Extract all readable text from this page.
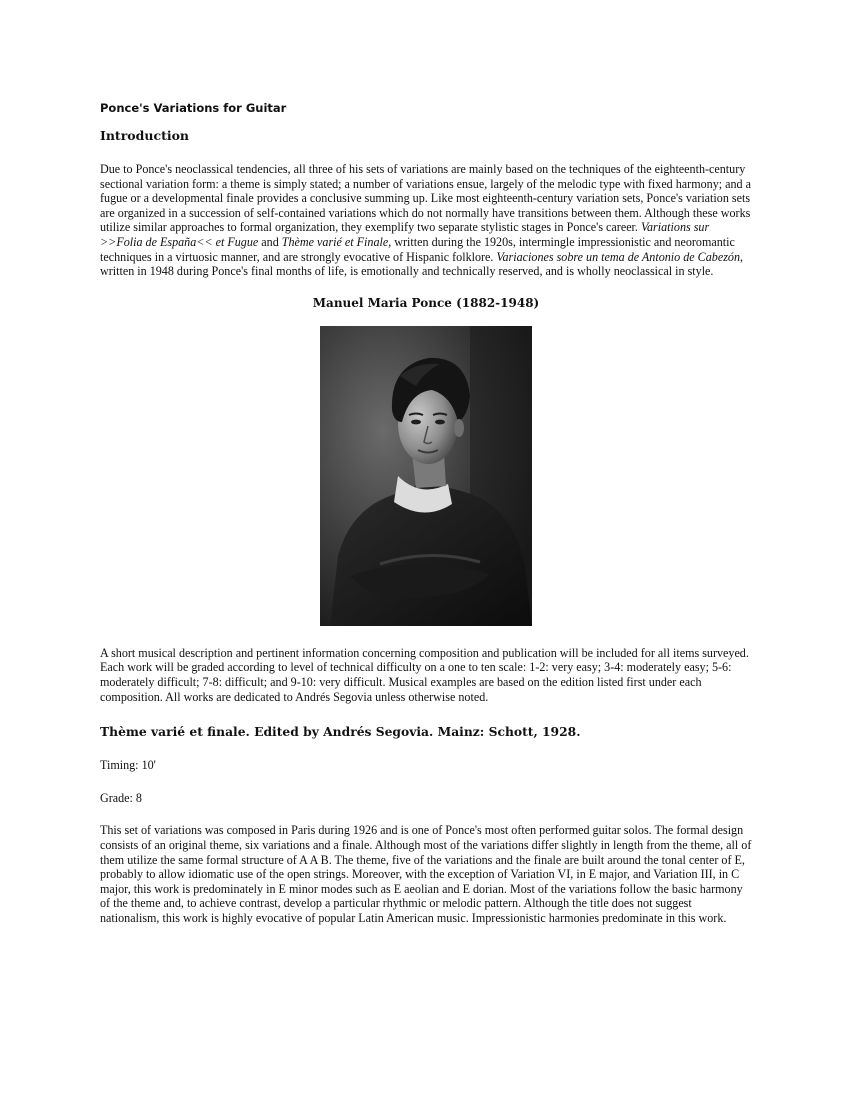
Ponce's Variations for Guitar
Introduction

Due to Ponce's neoclassical tendencies, all three of his sets of variations are mainly based on the techniques of the eighteenth-century sectional variation form: a theme is simply stated; a number of variations ensue, largely of the melodic type with fixed harmony; and a fugue or a developmental finale provides a conclusive summing up. Like most eighteenth-century variation sets, Ponce's variation sets are organized in a succession of self-contained variations which do not normally have transitions between them. Although these works utilize similar approaches to formal organization, they exemplify two separate stylistic stages in Ponce's career. Variations sur >>Folia de España<< et Fugue and Thème varié et Finale, written during the 1920s, intermingle impressionistic and neoromantic techniques in a virtuosic manner, and are strongly evocative of Hispanic folklore. Variaciones sobre un tema de Antonio de Cabezón, written in 1948 during Ponce's final months of life, is emotionally and technically reserved, and is wholly neoclassical in style.

Manuel Maria Ponce (1882-1948)

A short musical description and pertinent information concerning composition and publication will be included for all items surveyed. Each work will be graded according to level of technical difficulty on a one to ten scale: 1-2: very easy; 3-4: moderately easy; 5-6: moderately difficult; 7-8: difficult; and 9-10: very difficult. Musical examples are based on the edition listed first under each composition. All works are dedicated to Andrés Segovia unless otherwise noted.

Thème varié et finale. Edited by Andrés Segovia. Mainz: Schott, 1928.
Timing: 10'
Grade: 8

This set of variations was composed in Paris during 1926 and is one of Ponce's most often performed guitar solos. The formal design consists of an original theme, six variations and a finale. Although most of the variations differ slightly in length from the theme, all of them utilize the same formal structure of A A B. The theme, five of the variations and the finale are built around the tonal center of E, probably to allow idiomatic use of the open strings. Moreover, with the exception of Variation VI, in E major, and Variation III, in C major, this work is predominately in E minor modes such as E aeolian and E dorian. Most of the variations follow the basic harmony of the theme and, to achieve contrast, develop a particular rhythmic or melodic pattern. Although the title does not suggest nationalism, this work is highly evocative of popular Latin American music. Impressionistic harmonies predominate in this work.
